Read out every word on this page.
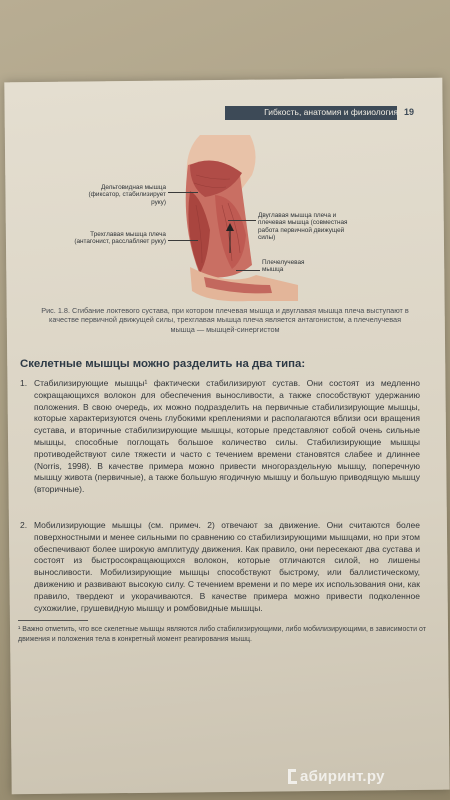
Гибкость, анатомия и физиология 19
Дельтовидная мышца (фиксатор, стабилизирует руку)
Трехглавая мышца плеча (антагонист, расслабляет руку)
Двуглавая мышца плеча и плечевая мышца (совместная работа первичной движущей силы)
Плечелучевая мышца
Рис. 1.8. Сгибание локтевого сустава, при котором плечевая мышца и двуглавая мышца плеча выступают в качестве первичной движущей силы, трехглавая мышца плеча является антагонистом, а плечелучевая мышца — мышцей-синергистом
Скелетные мышцы можно разделить на два типа:
1. Стабилизирующие мышцы¹ фактически стабилизируют сустав. Они состоят из медленно сокращающихся волокон для обеспечения выносливости, а также способствуют удержанию положения. В свою очередь, их можно подразделить на первичные стабилизирующие мышцы, которые характеризуются очень глубокими креплениями и располагаются вблизи оси вращения сустава, и вторичные стабилизирующие мышцы, которые представляют собой очень сильные мышцы, способные поглощать большое количество силы. Стабилизирующие мышцы противодействуют силе тяжести и часто с течением времени становятся слабее и длиннее (Norris, 1998). В качестве примера можно привести многораздельную мышцу, поперечную мышцу живота (первичные), а также большую ягодичную мышцу и большую приводящую мышцу (вторичные).
2. Мобилизирующие мышцы (см. примеч. 2) отвечают за движение. Они считаются более поверхностными и менее сильными по сравнению со стабилизирующими мышцами, но при этом обеспечивают более широкую амплитуду движения. Как правило, они пересекают два сустава и состоят из быстросокращающихся волокон, которые отличаются силой, но лишены выносливости. Мобилизирующие мышцы способствуют быстрому, или баллистическому, движению и развивают высокую силу. С течением времени и по мере их использования они, как правило, твердеют и укорачиваются. В качестве примера можно привести подколенное сухожилие, грушевидную мышцу и ромбовидные мышцы.
¹ Важно отметить, что все скелетные мышцы являются либо стабилизирующими, либо мобилизирующими, в зависимости от движения и положения тела в конкретный момент реагирования мышц.
абиринт.ру
